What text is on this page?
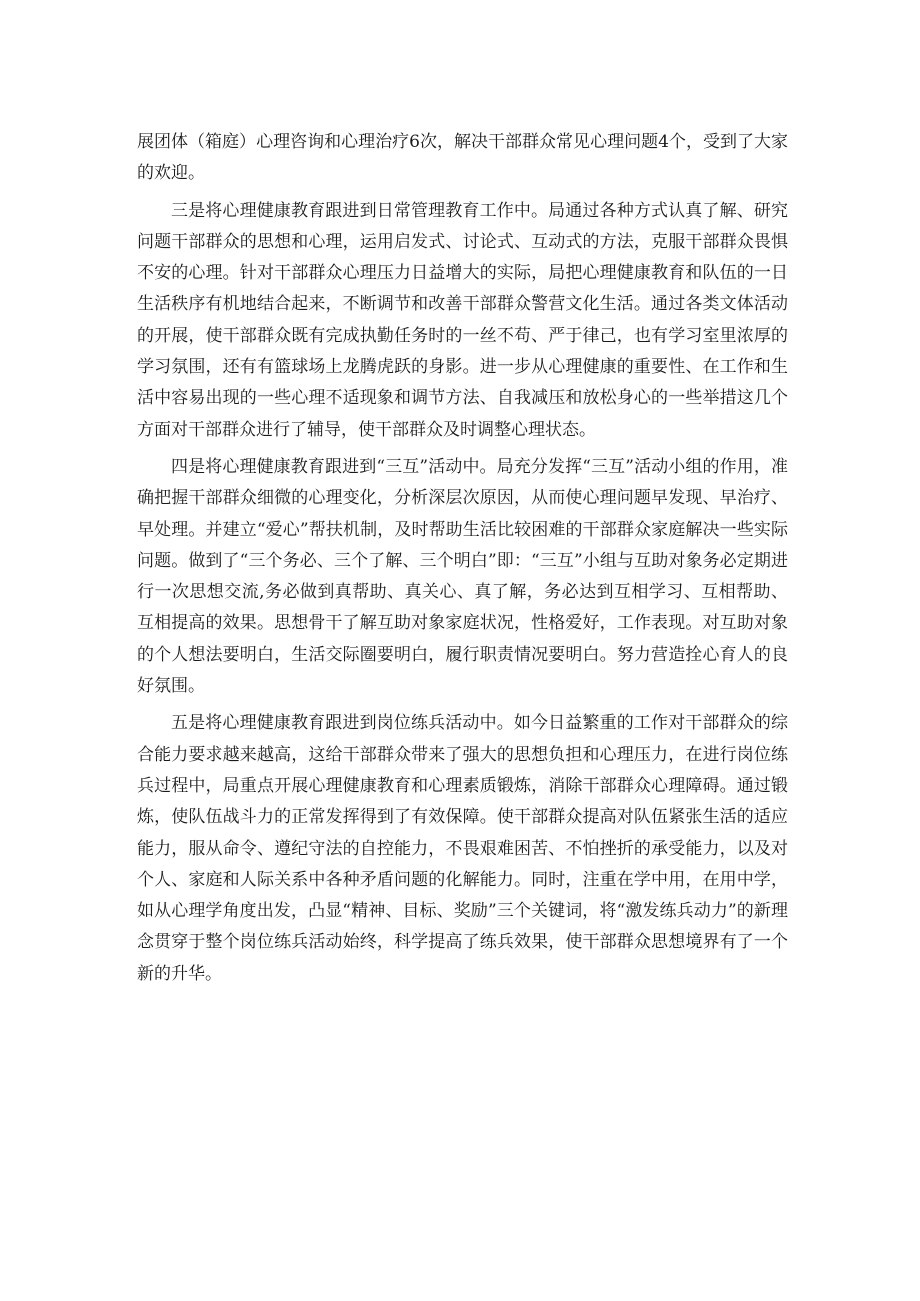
展团体（箱庭）心理咨询和心理治疗6次，解决干部群众常见心理问题4个，受到了大家的欢迎。

三是将心理健康教育跟进到日常管理教育工作中。局通过各种方式认真了解、研究问题干部群众的思想和心理，运用启发式、讨论式、互动式的方法，克服干部群众畏惧不安的心理。针对干部群众心理压力日益增大的实际，局把心理健康教育和队伍的一日生活秩序有机地结合起来，不断调节和改善干部群众警营文化生活。通过各类文体活动的开展，使干部群众既有完成执勤任务时的一丝不苟、严于律己，也有学习室里浓厚的学习氛围，还有有篮球场上龙腾虎跃的身影。进一步从心理健康的重要性、在工作和生活中容易出现的一些心理不适现象和调节方法、自我减压和放松身心的一些举措这几个方面对干部群众进行了辅导，使干部群众及时调整心理状态。

四是将心理健康教育跟进到“三互”活动中。局充分发挥“三互”活动小组的作用，准确把握干部群众细微的心理变化，分析深层次原因，从而使心理问题早发现、早治疗、早处理。并建立“爱心”帮扶机制，及时帮助生活比较困难的干部群众家庭解决一些实际问题。做到了“三个务必、三个了解、三个明白”即：“三互”小组与互助对象务必定期进行一次思想交流,务必做到真帮助、真关心、真了解，务必达到互相学习、互相帮助、互相提高的效果。思想骨干了解互助对象家庭状况，性格爱好，工作表现。对互助对象的个人想法要明白，生活交际圈要明白，履行职责情况要明白。努力营造拴心育人的良好氛围。

五是将心理健康教育跟进到岗位练兵活动中。如今日益繁重的工作对干部群众的综合能力要求越来越高，这给干部群众带来了强大的思想负担和心理压力，在进行岗位练兵过程中，局重点开展心理健康教育和心理素质锻炼，消除干部群众心理障碍。通过锻炼，使队伍战斗力的正常发挥得到了有效保障。使干部群众提高对队伍紧张生活的适应能力，服从命令、遵纪守法的自控能力，不畏艰难困苦、不怕挫折的承受能力，以及对个人、家庭和人际关系中各种矛盾问题的化解能力。同时，注重在学中用，在用中学，如从心理学角度出发，凸显“精神、目标、奖励”三个关键词，将“激发练兵动力”的新理念贯穿于整个岗位练兵活动始终，科学提高了练兵效果，使干部群众思想境界有了一个新的升华。
